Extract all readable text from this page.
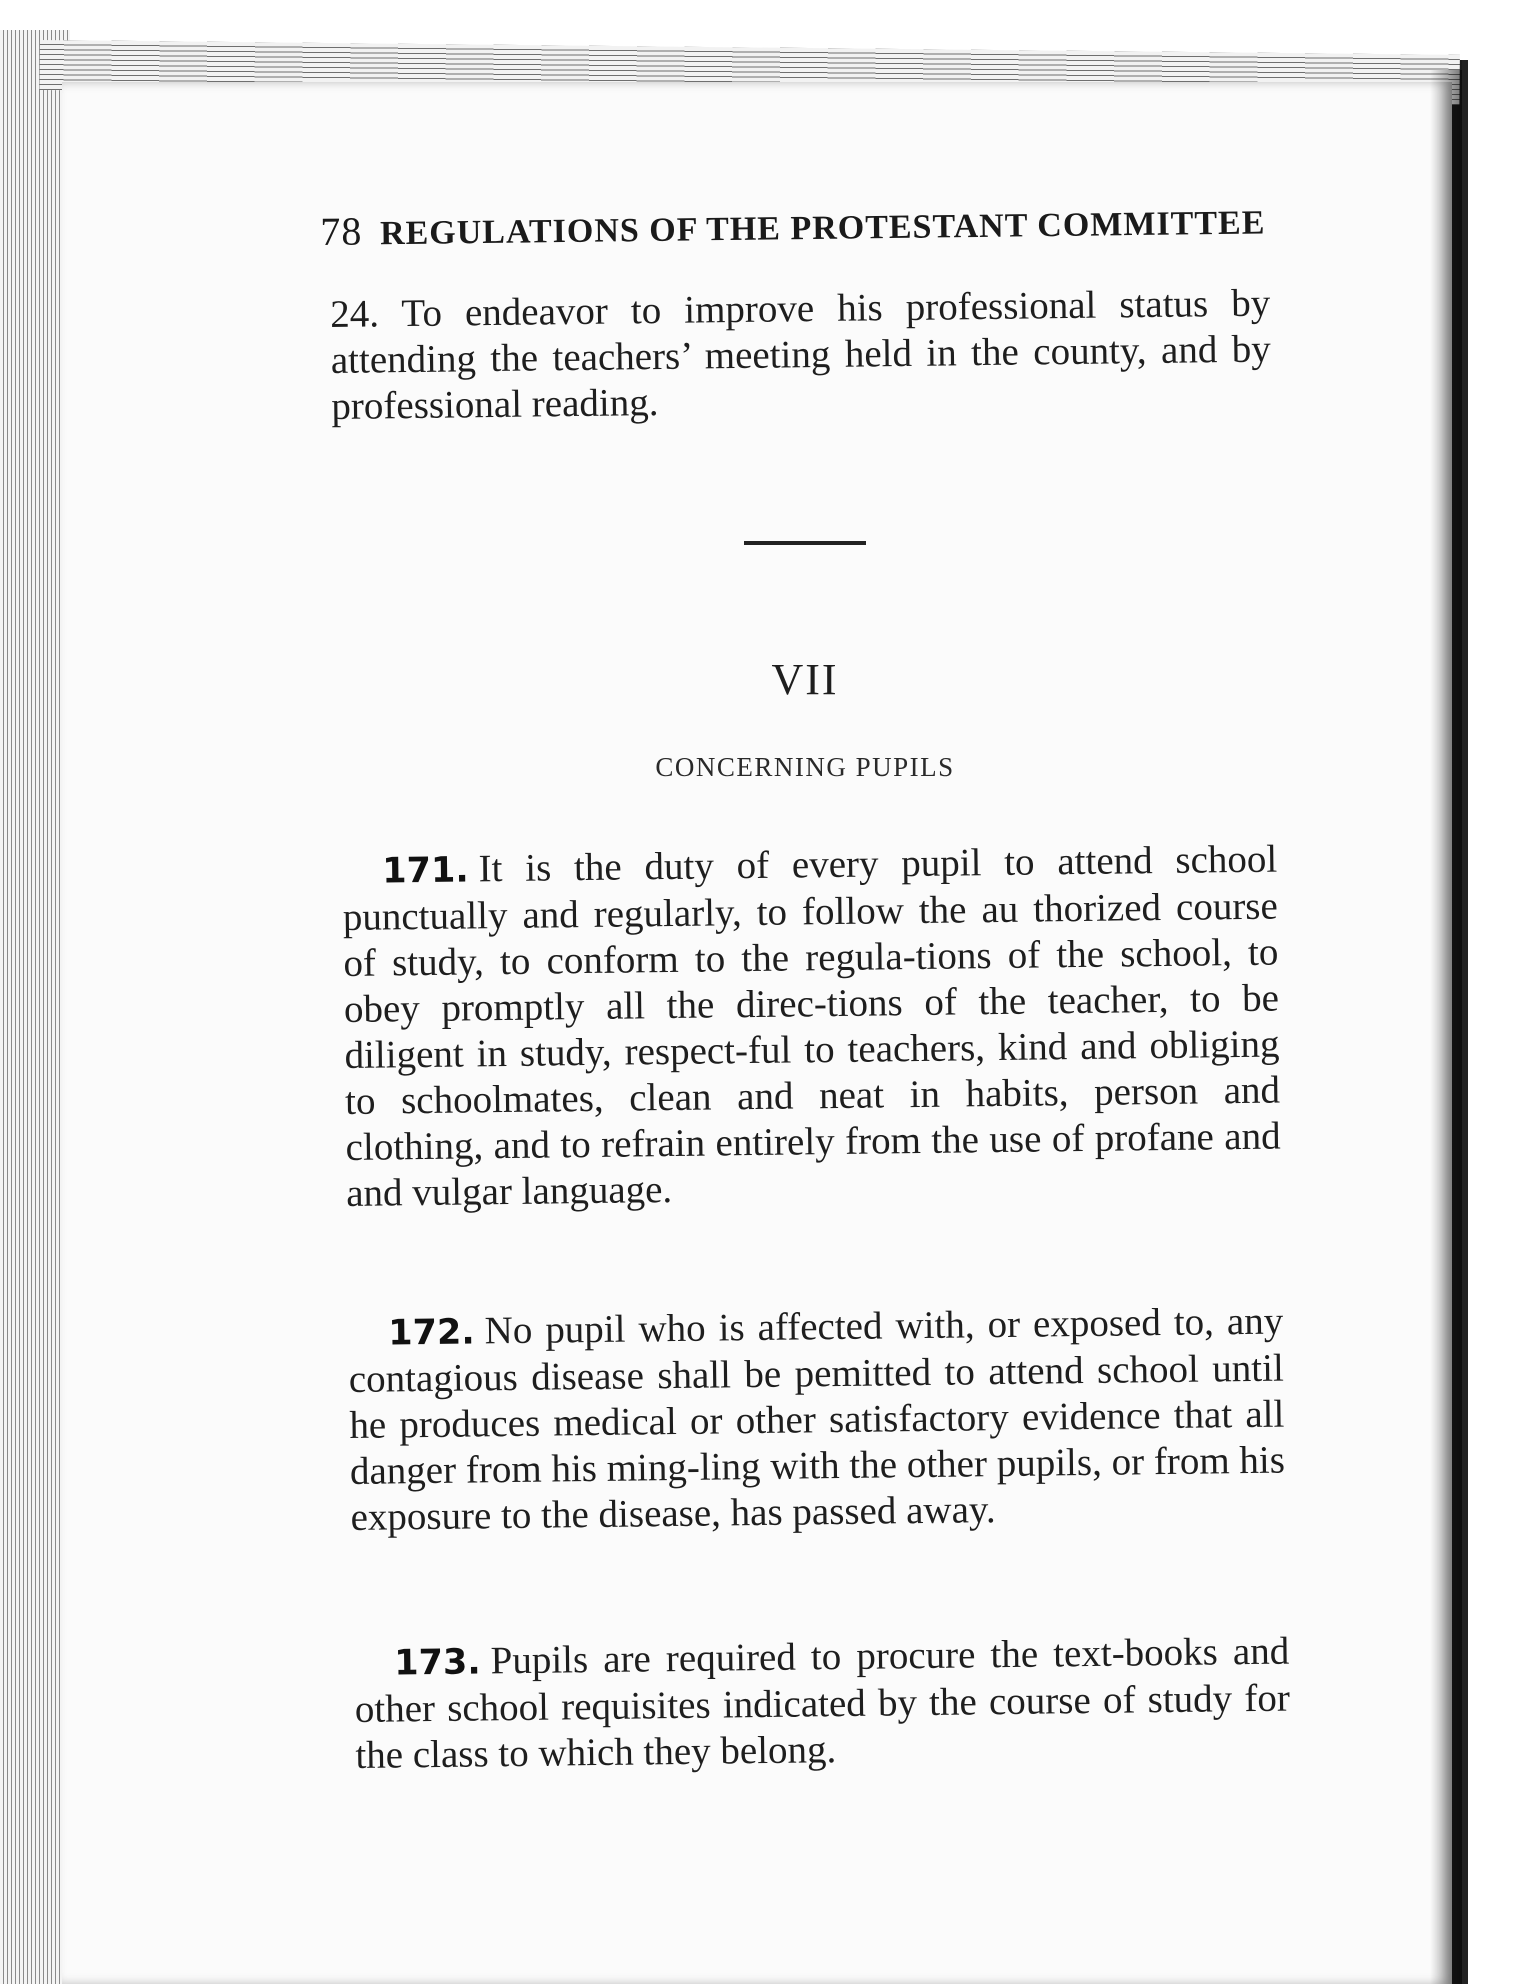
78 REGULATIONS OF THE PROTESTANT COMMITTEE
24. To endeavor to improve his professional status by attending the teachers’ meeting held in the county, and by professional reading.
VII
CONCERNING PUPILS
171. It is the duty of every pupil to attend school punctually and regularly, to follow the au thorized course of study, to conform to the regula-tions of the school, to obey promptly all the direc-tions of the teacher, to be diligent in study, respect-ful to teachers, kind and obliging to schoolmates, clean and neat in habits, person and clothing, and to refrain entirely from the use of profane and and vulgar language.
172. No pupil who is affected with, or exposed to, any contagious disease shall be pemitted to attend school until he produces medical or other satisfactory evidence that all danger from his ming-ling with the other pupils, or from his exposure to the disease, has passed away.
173. Pupils are required to procure the text-books and other school requisites indicated by the course of study for the class to which they belong.
